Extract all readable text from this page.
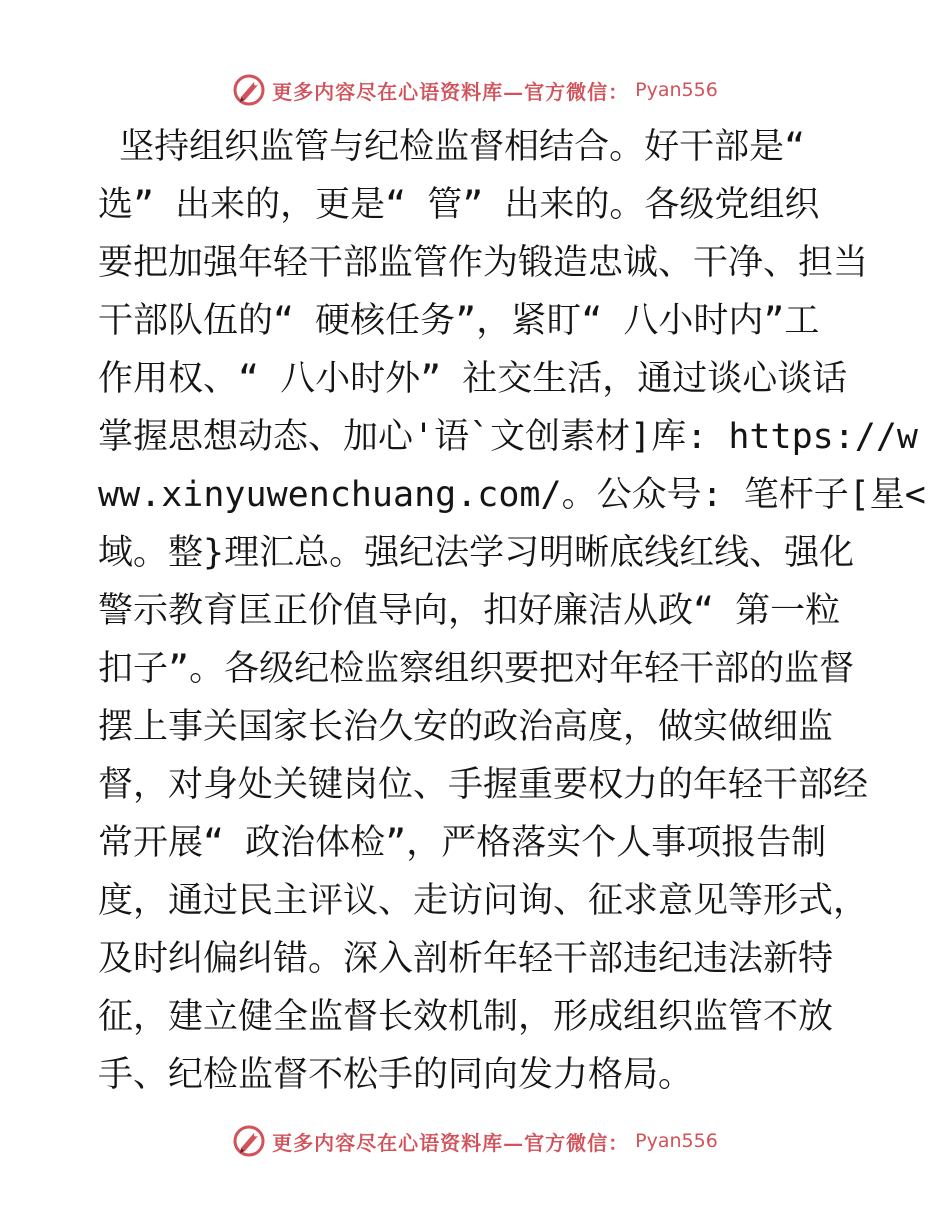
更多内容尽在心语资料库—官方微信： Pyan556
坚持组织监管与纪检监督相结合。好干部是“
选” 出来的，更是“ 管” 出来的。各级党组织
要把加强年轻干部监管作为锻造忠诚、干净、担当
干部队伍的“ 硬核任务”，紧盯“ 八小时内”工
作用权、“ 八小时外” 社交生活，通过谈心谈话
掌握思想动态、加心'语`文创素材]库: https://w
ww.xinyuwenchuang.com/。公众号: 笔杆子[星<
域。整}理汇总。强纪法学习明晰底线红线、强化
警示教育匡正价值导向，扣好廉洁从政“ 第一粒
扣子”。各级纪检监察组织要把对年轻干部的监督
摆上事关国家长治久安的政治高度，做实做细监
督，对身处关键岗位、手握重要权力的年轻干部经
常开展“ 政治体检”，严格落实个人事项报告制
度，通过民主评议、走访问询、征求意见等形式，
及时纠偏纠错。深入剖析年轻干部违纪违法新特
征，建立健全监督长效机制，形成组织监管不放
手、纪检监督不松手的同向发力格局。
更多内容尽在心语资料库—官方微信： Pyan556
